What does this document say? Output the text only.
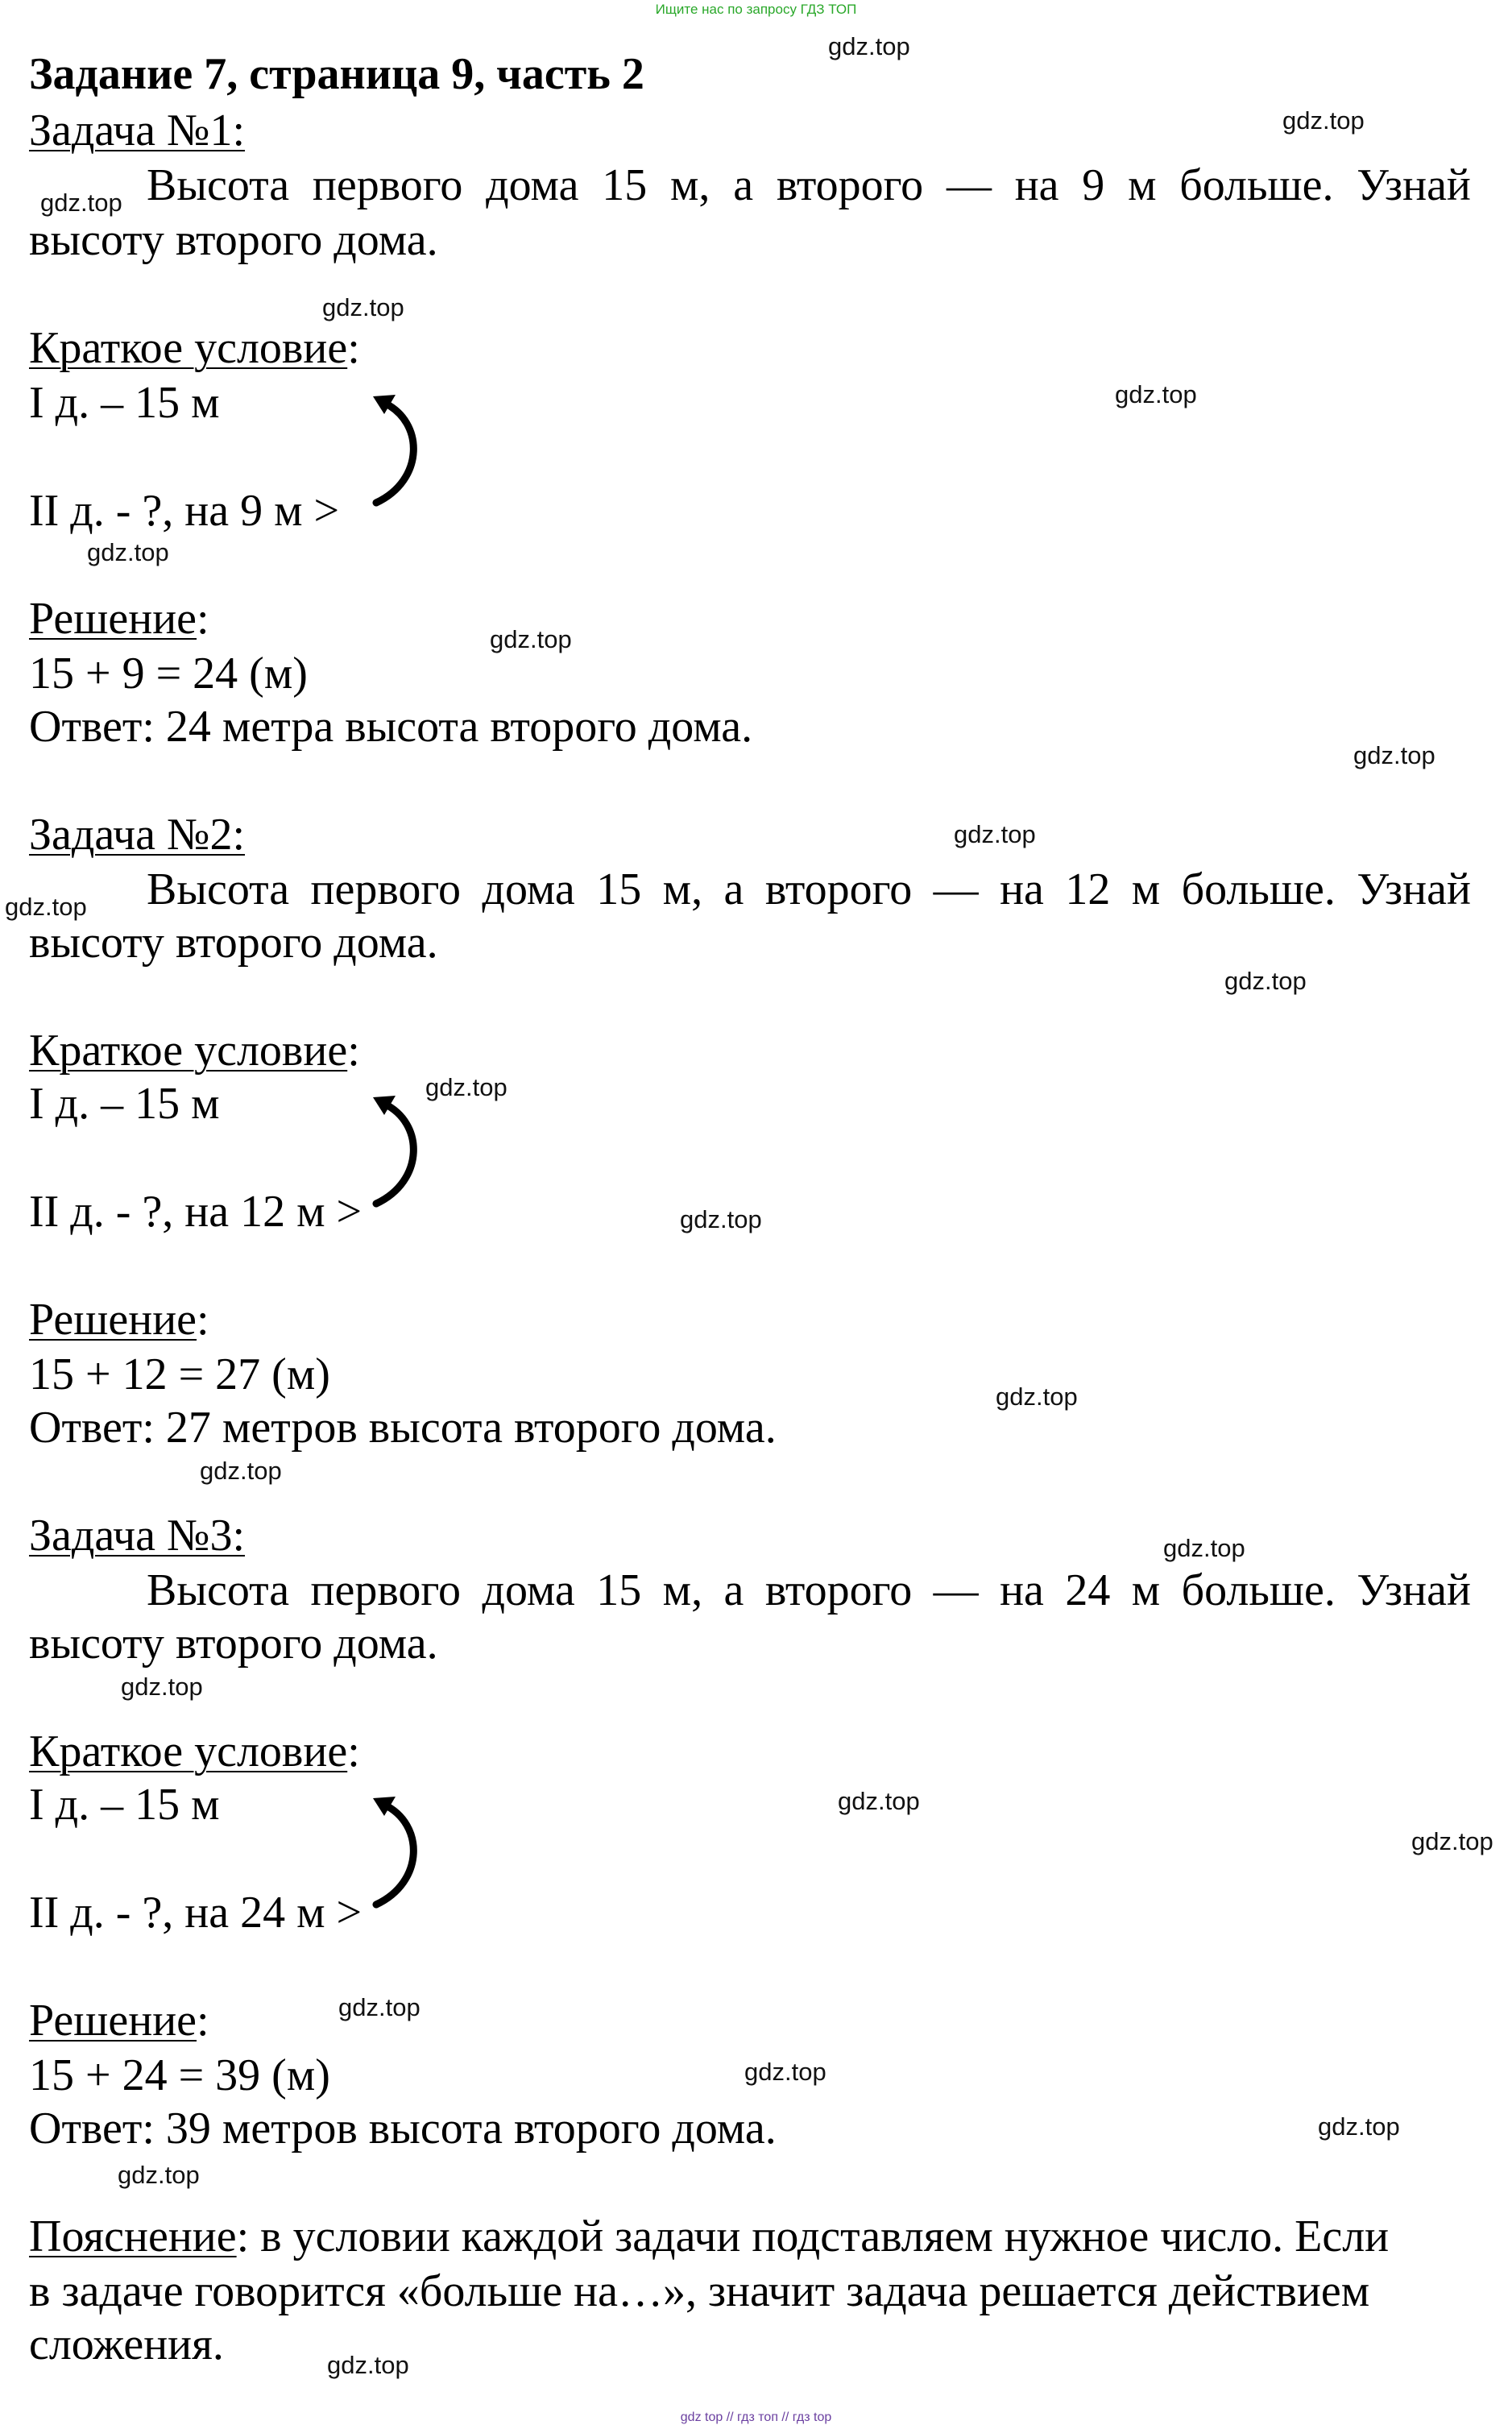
Ищите нас по запросу ГДЗ ТОП
Задание 7, страница 9, часть 2
Задача №1:
Высота первого дома 15 м, а второго — на 9 м больше. Узнай
высоту второго дома.
Краткое условие:
I д. – 15 м
II д. - ?, на 9 м >
Решение:
15 + 9 = 24 (м)
Ответ: 24 метра высота второго дома.
Задача №2:
Высота первого дома 15 м, а второго — на 12 м больше. Узнай
высоту второго дома.
Краткое условие:
I д. – 15 м
II д. - ?, на 12 м >
Решение:
15 + 12 = 27 (м)
Ответ: 27 метров высота второго дома.
Задача №3:
Высота первого дома 15 м, а второго — на 24 м больше. Узнай
высоту второго дома.
Краткое условие:
I д. – 15 м
II д. - ?, на 24 м >
Решение:
15 + 24 = 39 (м)
Ответ: 39 метров высота второго дома.
Пояснение: в условии каждой задачи подставляем нужное число. Если
в задаче говорится «больше на…», значит задача решается действием
сложения.
gdz.top
gdz.top
gdz.top
gdz.top
gdz.top
gdz.top
gdz.top
gdz.top
gdz.top
gdz.top
gdz.top
gdz.top
gdz.top
gdz.top
gdz.top
gdz.top
gdz.top
gdz.top
gdz.top
gdz.top
gdz.top
gdz.top
gdz.top
gdz.top
gdz top // гдз топ // гдз top
